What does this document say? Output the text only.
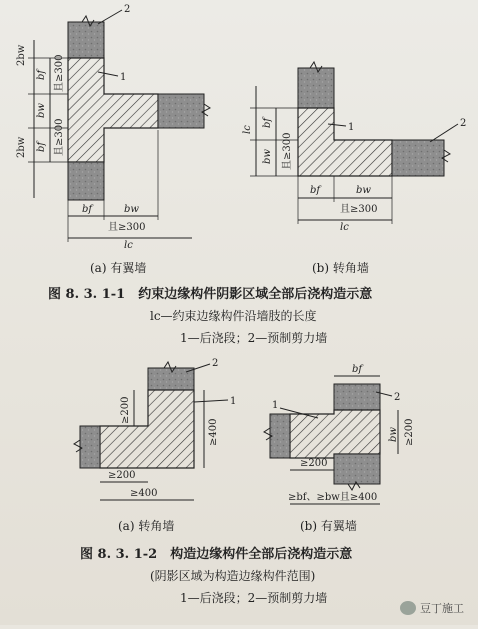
2
1
2bw
bf 且≥300
bw
bf 且≥300
2bw
bf	bw
且≥300
lc
(a) 有翼墙
2
1
lc
bf
bw 且≥300
bf	bw
且≥300
lc
(b) 转角墙
图 8. 3. 1-1　约束边缘构件阴影区域全部后浇构造示意
lc—约束边缘构件沿墙肢的长度
1—后浇段；2—预制剪力墙
2
1
≥200
≥400
≥200
≥400
(a) 转角墙
2
1
bf
bw ≥200
≥200
≥bf、≥bw且≥400
(b) 有翼墙
图 8. 3. 1-2　构造边缘构件全部后浇构造示意
(阴影区域为构造边缘构件范围)
1—后浇段；2—预制剪力墙
豆丁施工
